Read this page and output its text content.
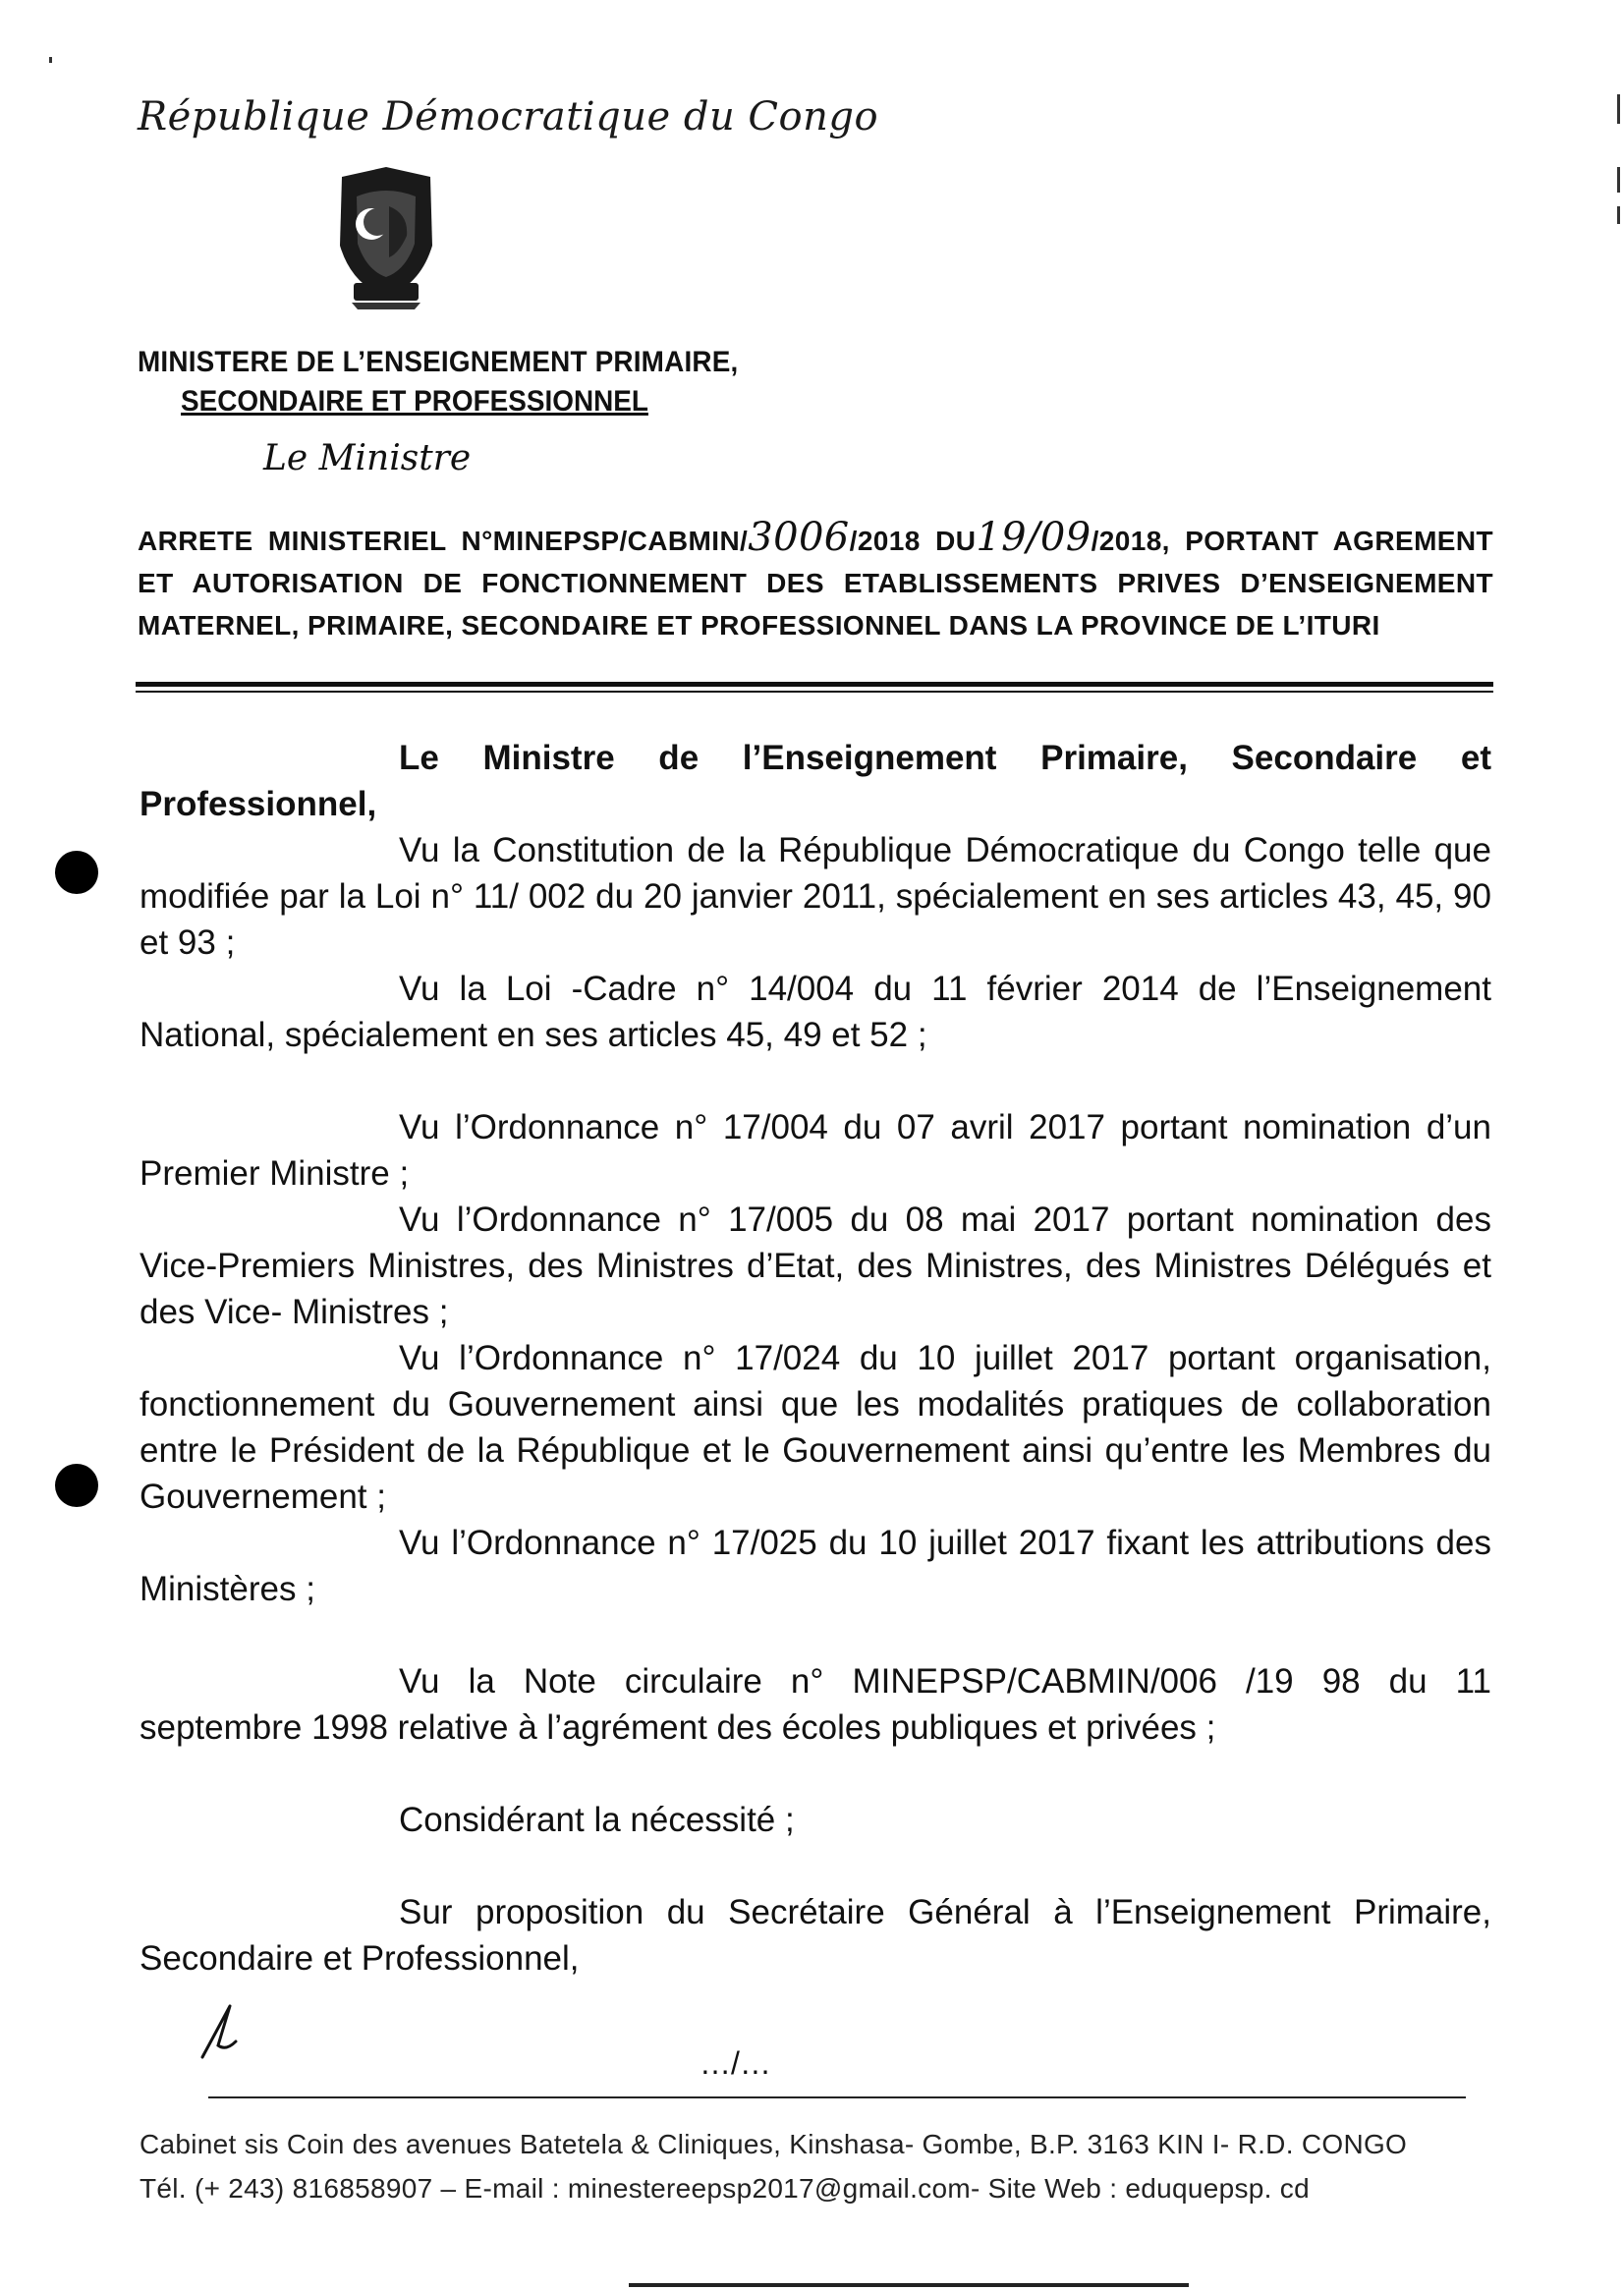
République Démocratique du Congo
MINISTERE DE L’ENSEIGNEMENT PRIMAIRE,
SECONDAIRE ET PROFESSIONNEL
Le Ministre
ARRETE MINISTERIEL N°MINEPSP/CABMIN/3006/2018 DU19/09/2018, PORTANT AGREMENT ET AUTORISATION DE FONCTIONNEMENT DES ETABLISSEMENTS PRIVES D’ENSEIGNEMENT MATERNEL, PRIMAIRE, SECONDAIRE ET PROFESSIONNEL DANS LA PROVINCE DE L’ITURI

Le Ministre de l’Enseignement Primaire, Secondaire et Professionnel,

Vu la Constitution de la République Démocratique du Congo telle que modifiée par la Loi n° 11/ 002 du 20 janvier 2011, spécialement en ses articles 43, 45, 90 et 93 ;

Vu la Loi -Cadre n° 14/004 du 11 février 2014 de l’Enseignement National, spécialement en ses articles 45, 49 et 52 ;

Vu l’Ordonnance n° 17/004 du 07 avril 2017 portant nomination d’un Premier Ministre ;

Vu l’Ordonnance n° 17/005 du 08 mai 2017 portant nomination des Vice-Premiers Ministres, des Ministres d’Etat, des Ministres, des Ministres Délégués et des Vice- Ministres ;

Vu l’Ordonnance n° 17/024 du 10 juillet 2017 portant organisation, fonctionnement du Gouvernement ainsi que les modalités pratiques de collaboration entre le Président de la République et le Gouvernement ainsi qu’entre les Membres du Gouvernement ;

Vu l’Ordonnance n° 17/025 du 10 juillet 2017 fixant les attributions des Ministères ;

Vu la Note circulaire n° MINEPSP/CABMIN/006 /19 98 du 11 septembre 1998 relative à l’agrément des écoles publiques et privées ;

Considérant la nécessité ;

Sur proposition du Secrétaire Général à l’Enseignement Primaire, Secondaire et Professionnel,

…/…
Cabinet sis Coin des avenues Batetela & Cliniques, Kinshasa- Gombe, B.P. 3163 KIN I- R.D. CONGO
Tél. (+ 243) 816858907 – E-mail : minestereepsp2017@gmail.com- Site Web : eduquepsp. cd
